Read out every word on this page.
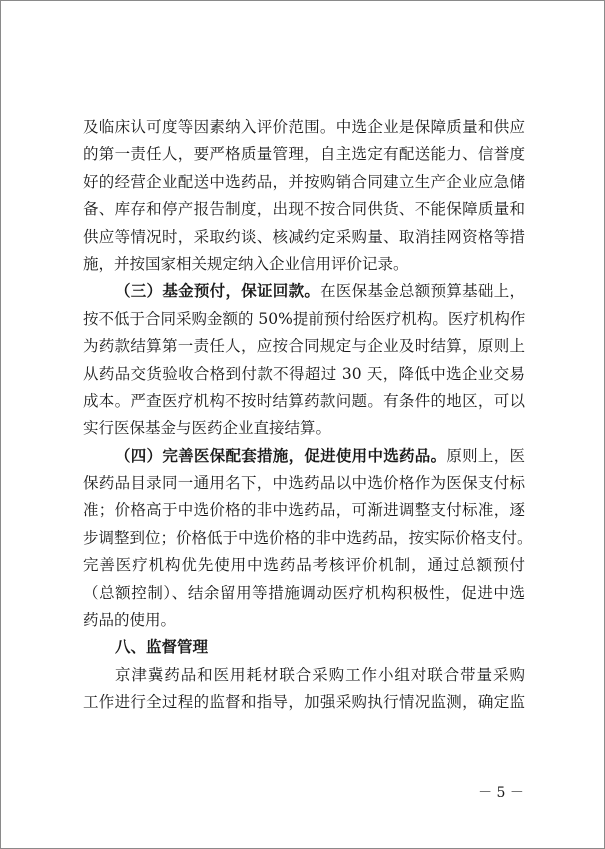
及临床认可度等因素纳入评价范围。中选企业是保障质量和供应
的第一责任人，要严格质量管理，自主选定有配送能力、信誉度
好的经营企业配送中选药品，并按购销合同建立生产企业应急储
备、库存和停产报告制度，出现不按合同供货、不能保障质量和
供应等情况时，采取约谈、核减约定采购量、取消挂网资格等措
施，并按国家相关规定纳入企业信用评价记录。
（三）基金预付，保证回款。在医保基金总额预算基础上，
按不低于合同采购金额的 50%提前预付给医疗机构。医疗机构作
为药款结算第一责任人，应按合同规定与企业及时结算，原则上
从药品交货验收合格到付款不得超过 30 天，降低中选企业交易
成本。严查医疗机构不按时结算药款问题。有条件的地区，可以
实行医保基金与医药企业直接结算。
（四）完善医保配套措施，促进使用中选药品。原则上，医
保药品目录同一通用名下，中选药品以中选价格作为医保支付标
准；价格高于中选价格的非中选药品，可渐进调整支付标准，逐
步调整到位；价格低于中选价格的非中选药品，按实际价格支付。
完善医疗机构优先使用中选药品考核评价机制，通过总额预付
（总额控制）、结余留用等措施调动医疗机构积极性，促进中选
药品的使用。
八、监督管理
京津冀药品和医用耗材联合采购工作小组对联合带量采购
工作进行全过程的监督和指导，加强采购执行情况监测，确定监
－ 5 －
